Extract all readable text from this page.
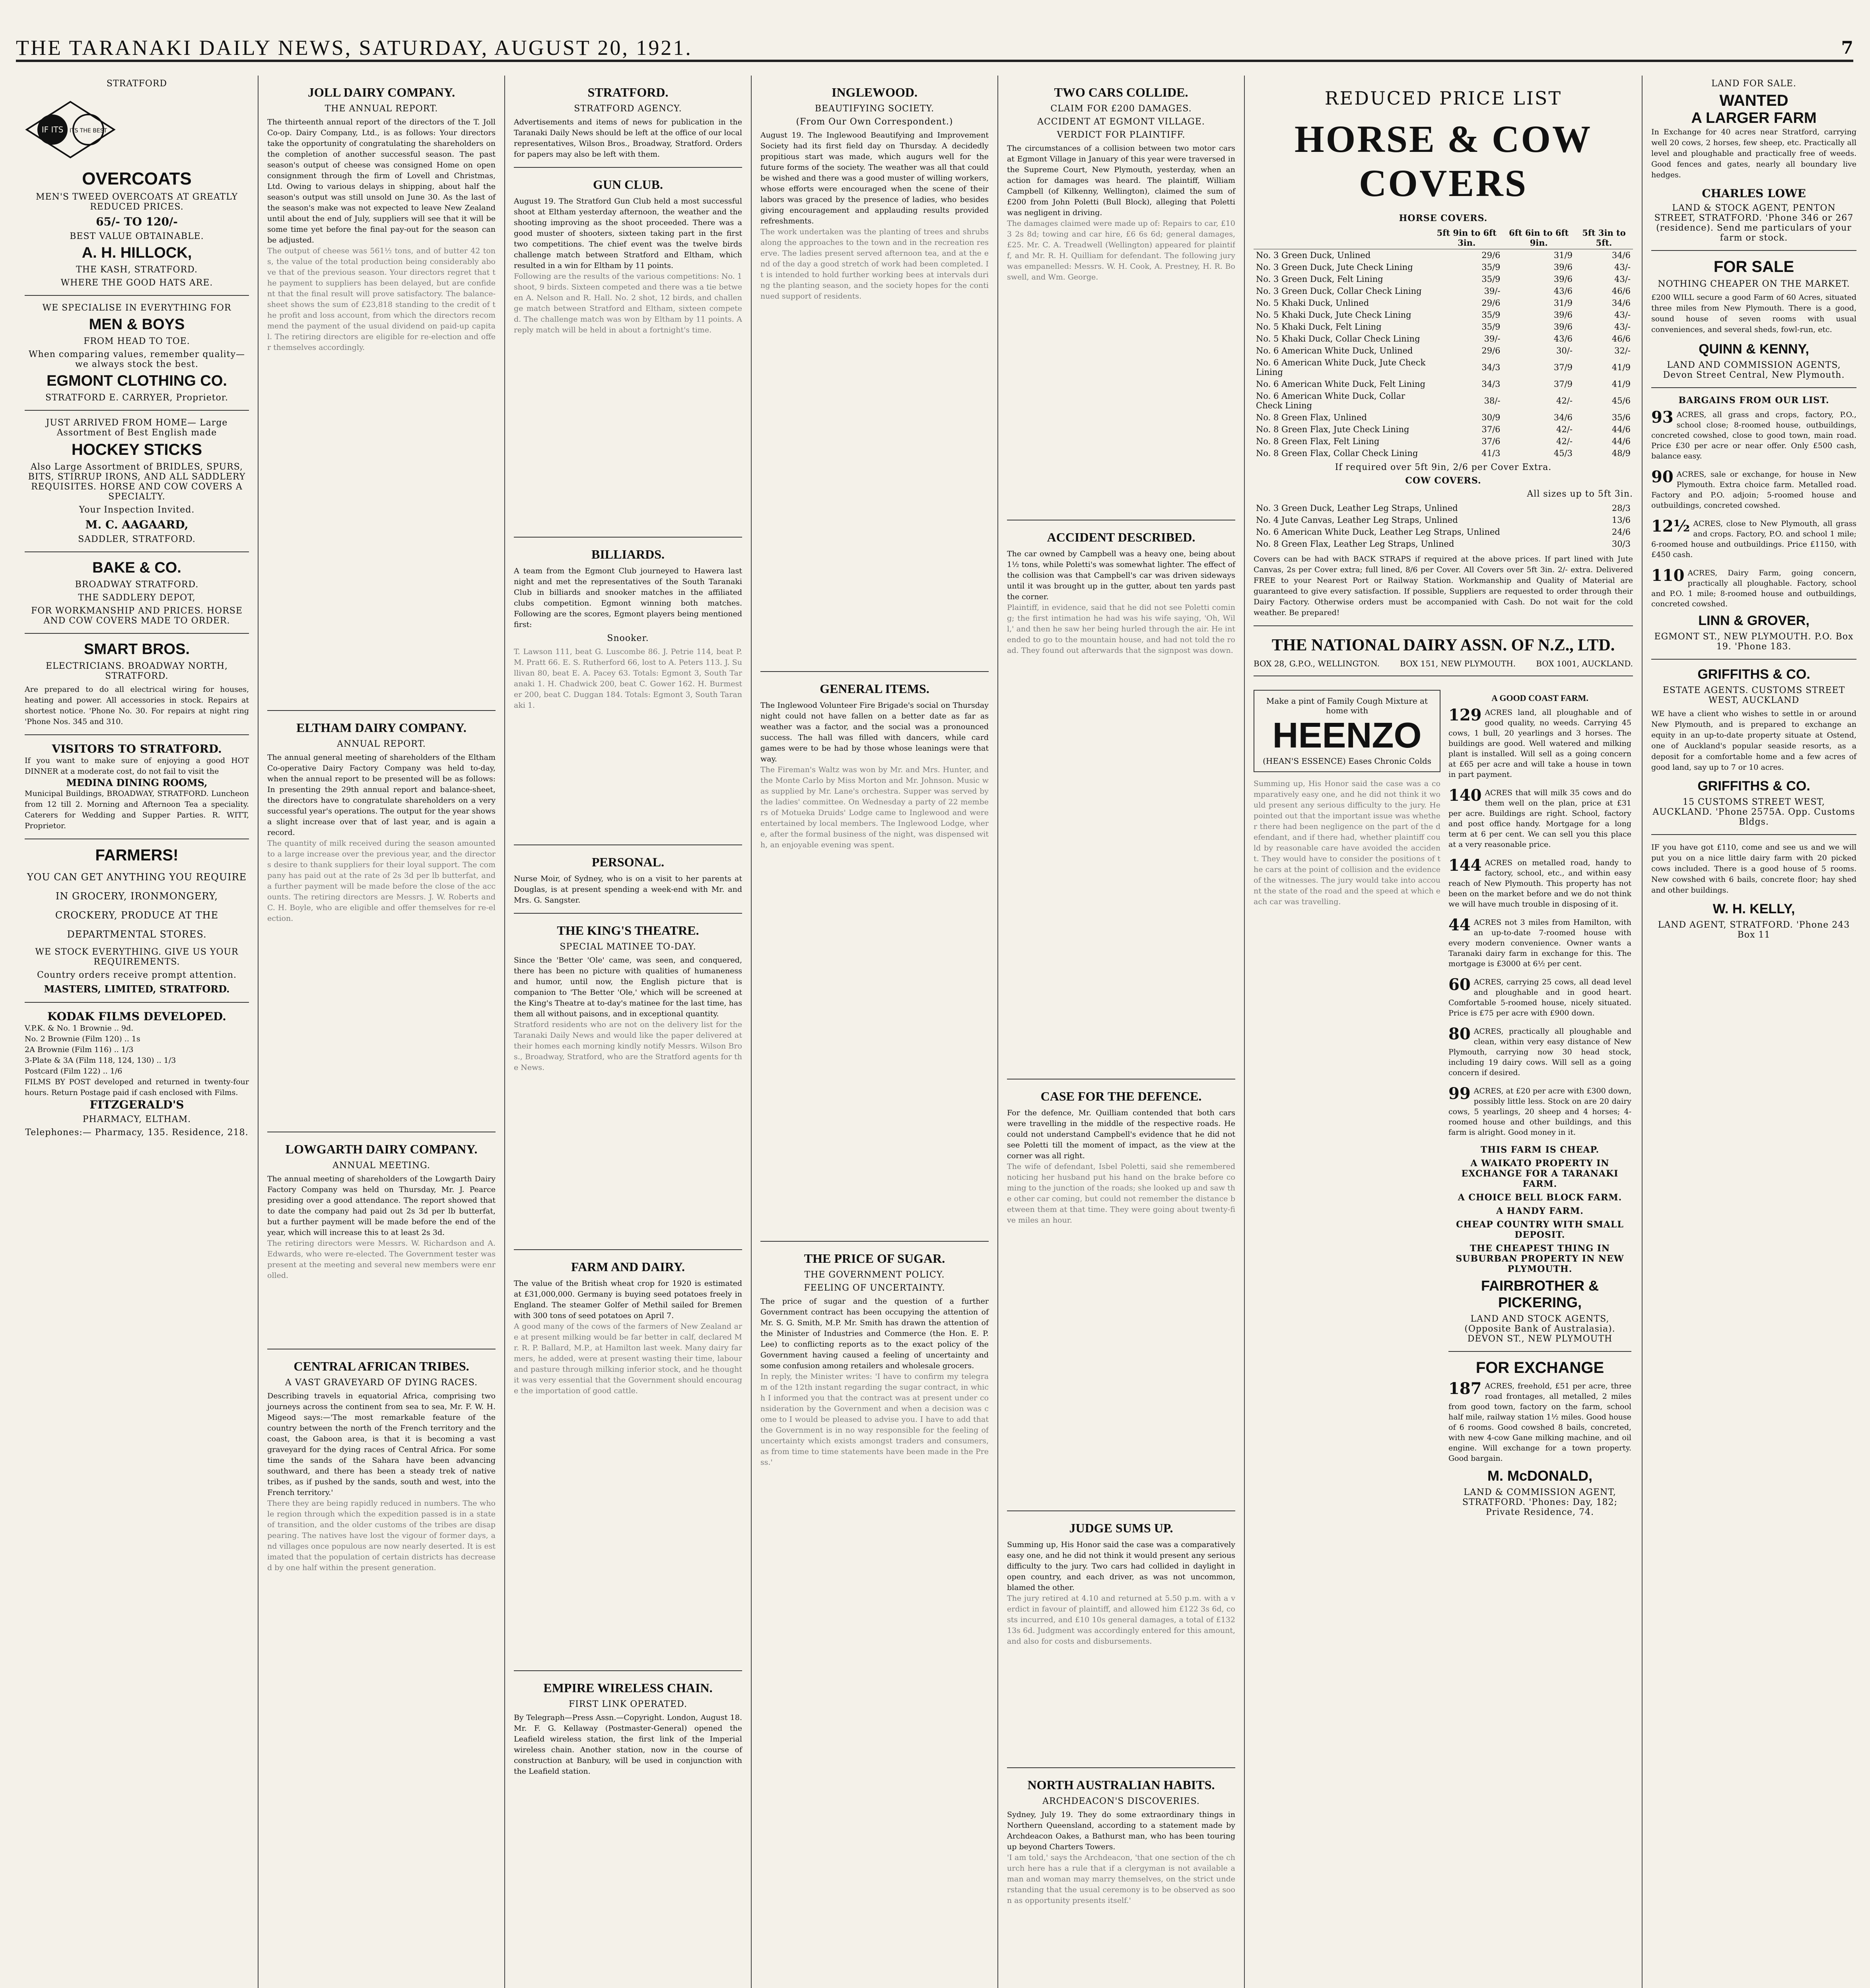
THE TARANAKI DAILY NEWS, SATURDAY, AUGUST 20, 1921.	7
STRATFORD
IF ITS ITS THE BEST
OVERCOATS
MEN'S TWEED OVERCOATS AT GREATLY REDUCED PRICES.
65/- TO 120/-
BEST VALUE OBTAINABLE.
A. H. HILLOCK,
THE KASH, STRATFORD.
WHERE THE GOOD HATS ARE.
WE SPECIALISE IN EVERYTHING FOR
MEN & BOYS
FROM HEAD TO TOE.
When comparing values, remember quality—we always stock the best.
EGMONT CLOTHING CO.
STRATFORD E. CARRYER, Proprietor.
JUST ARRIVED FROM HOME— Large Assortment of Best English made
HOCKEY STICKS
Also Large Assortment of BRIDLES, SPURS, BITS, STIRRUP IRONS, AND ALL SADDLERY REQUISITES. HORSE AND COW COVERS A SPECIALTY.
Your Inspection Invited.
M. C. AAGAARD,
SADDLER, STRATFORD.
BAKE & CO.
BROADWAY STRATFORD.
THE SADDLERY DEPOT,
FOR WORKMANSHIP AND PRICES. HORSE AND COW COVERS MADE TO ORDER.
SMART BROS.
ELECTRICIANS. BROADWAY NORTH, STRATFORD.
Are prepared to do all electrical wiring for houses, heating and power. All accessories in stock. Repairs at shortest notice. 'Phone No. 30. For repairs at night ring 'Phone Nos. 345 and 310.
VISITORS TO STRATFORD.
If you want to make sure of enjoying a good HOT DINNER at a moderate cost, do not fail to visit the
MEDINA DINING ROOMS,
Municipal Buildings, BROADWAY, STRATFORD. Luncheon from 12 till 2. Morning and Afternoon Tea a speciality. Caterers for Wedding and Supper Parties. R. WITT, Proprietor.
FARMERS!
YOU CAN GET ANYTHING YOU REQUIRE IN GROCERY, IRONMONGERY, CROCKERY, PRODUCE AT THE DEPARTMENTAL STORES.
WE STOCK EVERYTHING. GIVE US YOUR REQUIREMENTS.
Country orders receive prompt attention.
MASTERS, LIMITED, STRATFORD.
KODAK FILMS DEVELOPED.
V.P.K. & No. 1 Brownie .. 9d.
No. 2 Brownie (Film 120) .. 1s
2A Brownie (Film 116) .. 1/3
3-Plate & 3A (Film 118, 124, 130) .. 1/3
Postcard (Film 122) .. 1/6
FILMS BY POST developed and returned in twenty-four hours. Return Postage paid if cash enclosed with Films.
FITZGERALD'S
PHARMACY, ELTHAM.
Telephones:— Pharmacy, 135. Residence, 218.
JOLL DAIRY COMPANY.
THE ANNUAL REPORT.
The thirteenth annual report of the directors of the T. Joll Co-op. Dairy Company, Ltd., is as follows: Your directors take the opportunity of congratulating the shareholders on the completion of another successful season. The past season's output of cheese was consigned Home on open consignment through the firm of Lovell and Christmas, Ltd. Owing to various delays in shipping, about half the season's output was still unsold on June 30. As the last of the season's make was not expected to leave New Zealand until about the end of July, suppliers will see that it will be some time yet before the final pay-out for the season can be adjusted.
The output of cheese was 561½ tons, and of butter 42 tons, the value of the total production being considerably above that of the previous season. Your directors regret that the payment to suppliers has been delayed, but are confident that the final result will prove satisfactory. The balance-sheet shows the sum of £23,818 standing to the credit of the profit and loss account, from which the directors recommend the payment of the usual dividend on paid-up capital. The retiring directors are eligible for re-election and offer themselves accordingly.
ELTHAM DAIRY COMPANY.
ANNUAL REPORT.
The annual general meeting of shareholders of the Eltham Co-operative Dairy Factory Company was held to-day, when the annual report to be presented will be as follows: In presenting the 29th annual report and balance-sheet, the directors have to congratulate shareholders on a very successful year's operations. The output for the year shows a slight increase over that of last year, and is again a record.
The quantity of milk received during the season amounted to a large increase over the previous year, and the directors desire to thank suppliers for their loyal support. The company has paid out at the rate of 2s 3d per lb butterfat, and a further payment will be made before the close of the accounts. The retiring directors are Messrs. J. W. Roberts and C. H. Boyle, who are eligible and offer themselves for re-election.
LOWGARTH DAIRY COMPANY.
ANNUAL MEETING.
The annual meeting of shareholders of the Lowgarth Dairy Factory Company was held on Thursday, Mr. J. Pearce presiding over a good attendance. The report showed that to date the company had paid out 2s 3d per lb butterfat, but a further payment will be made before the end of the year, which will increase this to at least 2s 3d.
The retiring directors were Messrs. W. Richardson and A. Edwards, who were re-elected. The Government tester was present at the meeting and several new members were enrolled.
CENTRAL AFRICAN TRIBES.
A VAST GRAVEYARD OF DYING RACES.
Describing travels in equatorial Africa, comprising two journeys across the continent from sea to sea, Mr. F. W. H. Migeod says:—'The most remarkable feature of the country between the north of the French territory and the coast, the Gaboon area, is that it is becoming a vast graveyard for the dying races of Central Africa. For some time the sands of the Sahara have been advancing southward, and there has been a steady trek of native tribes, as if pushed by the sands, south and west, into the French territory.'
There they are being rapidly reduced in numbers. The whole region through which the expedition passed is in a state of transition, and the older customs of the tribes are disappearing. The natives have lost the vigour of former days, and villages once populous are now nearly deserted. It is estimated that the population of certain districts has decreased by one half within the present generation.
STRATFORD.
STRATFORD AGENCY.
Advertisements and items of news for publication in the Taranaki Daily News should be left at the office of our local representatives, Wilson Bros., Broadway, Stratford. Orders for papers may also be left with them.
GUN CLUB.
August 19. The Stratford Gun Club held a most successful shoot at Eltham yesterday afternoon, the weather and the shooting improving as the shoot proceeded. There was a good muster of shooters, sixteen taking part in the first two competitions. The chief event was the twelve birds challenge match between Stratford and Eltham, which resulted in a win for Eltham by 11 points.
Following are the results of the various competitions: No. 1 shoot, 9 birds. Sixteen competed and there was a tie between A. Nelson and R. Hall. No. 2 shot, 12 birds, and challenge match between Stratford and Eltham, sixteen competed. The challenge match was won by Eltham by 11 points. A reply match will be held in about a fortnight's time.
BILLIARDS.
A team from the Egmont Club journeyed to Hawera last night and met the representatives of the South Taranaki Club in billiards and snooker matches in the affiliated clubs competition. Egmont winning both matches. Following are the scores, Egmont players being mentioned first:
Snooker.
T. Lawson 111, beat G. Luscombe 86. J. Petrie 114, beat P. M. Pratt 66. E. S. Rutherford 66, lost to A. Peters 113. J. Sullivan 80, beat E. A. Pacey 63. Totals: Egmont 3, South Taranaki 1. H. Chadwick 200, beat C. Gower 162. H. Burmester 200, beat C. Duggan 184. Totals: Egmont 3, South Taranaki 1.
PERSONAL.
Nurse Moir, of Sydney, who is on a visit to her parents at Douglas, is at present spending a week-end with Mr. and Mrs. G. Sangster.
THE KING'S THEATRE.
SPECIAL MATINEE TO-DAY.
Since the 'Better 'Ole' came, was seen, and conquered, there has been no picture with qualities of humaneness and humor, until now, the English picture that is companion to 'The Better 'Ole,' which will be screened at the King's Theatre at to-day's matinee for the last time, has them all without paisons, and in exceptional quantity.
Stratford residents who are not on the delivery list for the Taranaki Daily News and would like the paper delivered at their homes each morning kindly notify Messrs. Wilson Bros., Broadway, Stratford, who are the Stratford agents for the News.
FARM AND DAIRY.
The value of the British wheat crop for 1920 is estimated at £31,000,000. Germany is buying seed potatoes freely in England. The steamer Golfer of Methil sailed for Bremen with 300 tons of seed potatoes on April 7.
A good many of the cows of the farmers of New Zealand are at present milking would be far better in calf, declared Mr. R. P. Ballard, M.P., at Hamilton last week. Many dairy farmers, he added, were at present wasting their time, labour and pasture through milking inferior stock, and he thought it was very essential that the Government should encourage the importation of good cattle.
EMPIRE WIRELESS CHAIN.
FIRST LINK OPERATED.
By Telegraph—Press Assn.—Copyright. London, August 18. Mr. F. G. Kellaway (Postmaster-General) opened the Leafield wireless station, the first link of the Imperial wireless chain. Another station, now in the course of construction at Banbury, will be used in conjunction with the Leafield station.
INGLEWOOD.
BEAUTIFYING SOCIETY.
(From Our Own Correspondent.)
August 19. The Inglewood Beautifying and Improvement Society had its first field day on Thursday. A decidedly propitious start was made, which augurs well for the future forms of the society. The weather was all that could be wished and there was a good muster of willing workers, whose efforts were encouraged when the scene of their labors was graced by the presence of ladies, who besides giving encouragement and applauding results provided refreshments.
The work undertaken was the planting of trees and shrubs along the approaches to the town and in the recreation reserve. The ladies present served afternoon tea, and at the end of the day a good stretch of work had been completed. It is intended to hold further working bees at intervals during the planting season, and the society hopes for the continued support of residents.
GENERAL ITEMS.
The Inglewood Volunteer Fire Brigade's social on Thursday night could not have fallen on a better date as far as weather was a factor, and the social was a pronounced success. The hall was filled with dancers, while card games were to be had by those whose leanings were that way.
The Fireman's Waltz was won by Mr. and Mrs. Hunter, and the Monte Carlo by Miss Morton and Mr. Johnson. Music was supplied by Mr. Lane's orchestra. Supper was served by the ladies' committee. On Wednesday a party of 22 members of Motueka Druids' Lodge came to Inglewood and were entertained by local members. The Inglewood Lodge, where, after the formal business of the night, was dispensed with, an enjoyable evening was spent.
THE PRICE OF SUGAR.
THE GOVERNMENT POLICY.
FEELING OF UNCERTAINTY.
The price of sugar and the question of a further Government contract has been occupying the attention of Mr. S. G. Smith, M.P. Mr. Smith has drawn the attention of the Minister of Industries and Commerce (the Hon. E. P. Lee) to conflicting reports as to the exact policy of the Government having caused a feeling of uncertainty and some confusion among retailers and wholesale grocers.
In reply, the Minister writes: 'I have to confirm my telegram of the 12th instant regarding the sugar contract, in which I informed you that the contract was at present under consideration by the Government and when a decision was come to I would be pleased to advise you. I have to add that the Government is in no way responsible for the feeling of uncertainty which exists amongst traders and consumers, as from time to time statements have been made in the Press.'
TWO CARS COLLIDE.
CLAIM FOR £200 DAMAGES.
ACCIDENT AT EGMONT VILLAGE.
VERDICT FOR PLAINTIFF.
The circumstances of a collision between two motor cars at Egmont Village in January of this year were traversed in the Supreme Court, New Plymouth, yesterday, when an action for damages was heard. The plaintiff, William Campbell (of Kilkenny, Wellington), claimed the sum of £200 from John Poletti (Bull Block), alleging that Poletti was negligent in driving.
The damages claimed were made up of: Repairs to car, £103 2s 8d; towing and car hire, £6 6s 6d; general damages, £25. Mr. C. A. Treadwell (Wellington) appeared for plaintiff, and Mr. R. H. Quilliam for defendant. The following jury was empanelled: Messrs. W. H. Cook, A. Prestney, H. R. Boswell, and Wm. George.
ACCIDENT DESCRIBED.
The car owned by Campbell was a heavy one, being about 1½ tons, while Poletti's was somewhat lighter. The effect of the collision was that Campbell's car was driven sideways until it was brought up in the gutter, about ten yards past the corner.
Plaintiff, in evidence, said that he did not see Poletti coming; the first intimation he had was his wife saying, 'Oh, Will,' and then he saw her being hurled through the air. He intended to go to the mountain house, and had not told the road. They found out afterwards that the signpost was down.
CASE FOR THE DEFENCE.
For the defence, Mr. Quilliam contended that both cars were travelling in the middle of the respective roads. He could not understand Campbell's evidence that he did not see Poletti till the moment of impact, as the view at the corner was all right.
The wife of defendant, Isbel Poletti, said she remembered noticing her husband put his hand on the brake before coming to the junction of the roads; she looked up and saw the other car coming, but could not remember the distance between them at that time. They were going about twenty-five miles an hour.
JUDGE SUMS UP.
Summing up, His Honor said the case was a comparatively easy one, and he did not think it would present any serious difficulty to the jury. Two cars had collided in daylight in open country, and each driver, as was not uncommon, blamed the other.
The jury retired at 4.10 and returned at 5.50 p.m. with a verdict in favour of plaintiff, and allowed him £122 3s 6d, costs incurred, and £10 10s general damages, a total of £132 13s 6d. Judgment was accordingly entered for this amount, and also for costs and disbursements.
NORTH AUSTRALIAN HABITS.
ARCHDEACON'S DISCOVERIES.
Sydney, July 19. They do some extraordinary things in Northern Queensland, according to a statement made by Archdeacon Oakes, a Bathurst man, who has been touring up beyond Charters Towers.
'I am told,' says the Archdeacon, 'that one section of the church here has a rule that if a clergyman is not available a man and woman may marry themselves, on the strict understanding that the usual ceremony is to be observed as soon as opportunity presents itself.'
REDUCED PRICE LIST
HORSE & COW COVERS
HORSE COVERS.
	5ft 9in to 6ft 3in.	6ft 6in to 6ft 9in.	5ft 3in to 5ft.
No. 3 Green Duck, Unlined	29/6	31/9	34/6
No. 3 Green Duck, Jute Check Lining	35/9	39/6	43/-
No. 3 Green Duck, Felt Lining	35/9	39/6	43/-
No. 3 Green Duck, Collar Check Lining	39/-	43/6	46/6
No. 5 Khaki Duck, Unlined	29/6	31/9	34/6
No. 5 Khaki Duck, Jute Check Lining	35/9	39/6	43/-
No. 5 Khaki Duck, Felt Lining	35/9	39/6	43/-
No. 5 Khaki Duck, Collar Check Lining	39/-	43/6	46/6
No. 6 American White Duck, Unlined	29/6	30/-	32/-
No. 6 American White Duck, Jute Check Lining	34/3	37/9	41/9
No. 6 American White Duck, Felt Lining	34/3	37/9	41/9
No. 6 American White Duck, Collar Check Lining	38/-	42/-	45/6
No. 8 Green Flax, Unlined	30/9	34/6	35/6
No. 8 Green Flax, Jute Check Lining	37/6	42/-	44/6
No. 8 Green Flax, Felt Lining	37/6	42/-	44/6
No. 8 Green Flax, Collar Check Lining	41/3	45/3	48/9
If required over 5ft 9in, 2/6 per Cover Extra.
COW COVERS.
All sizes up to 5ft 3in.
No. 3 Green Duck, Leather Leg Straps, Unlined	28/3
No. 4 Jute Canvas, Leather Leg Straps, Unlined	13/6
No. 6 American White Duck, Leather Leg Straps, Unlined	24/6
No. 8 Green Flax, Leather Leg Straps, Unlined	30/3
Covers can be had with BACK STRAPS if required at the above prices. If part lined with Jute Canvas, 2s per Cover extra; full lined, 8/6 per Cover. All Covers over 5ft 3in. 2/- extra. Delivered FREE to your Nearest Port or Railway Station. Workmanship and Quality of Material are guaranteed to give every satisfaction. If possible, Suppliers are requested to order through their Dairy Factory. Otherwise orders must be accompanied with Cash. Do not wait for the cold weather. Be prepared!
THE NATIONAL DAIRY ASSN. OF N.Z., LTD.
BOX 28, G.P.O., WELLINGTON.	BOX 151, NEW PLYMOUTH.	BOX 1001, AUCKLAND.
Make a pint of Family Cough Mixture at home with
HEENZO
(HEAN'S ESSENCE) Eases Chronic Colds
Summing up, His Honor said the case was a comparatively easy one, and he did not think it would present any serious difficulty to the jury. He pointed out that the important issue was whether there had been negligence on the part of the defendant, and if there had, whether plaintiff could by reasonable care have avoided the accident. They would have to consider the positions of the cars at the point of collision and the evidence of the witnesses. The jury would take into account the state of the road and the speed at which each car was travelling.
A GOOD COAST FARM.
129 ACRES land, all ploughable and of good quality, no weeds. Carrying 45 cows, 1 bull, 20 yearlings and 3 horses. The buildings are good. Well watered and milking plant is installed. Will sell as a going concern at £65 per acre and will take a house in town in part payment.
140 ACRES that will milk 35 cows and do them well on the plan, price at £31 per acre. Buildings are right. School, factory and post office handy. Mortgage for a long term at 6 per cent. We can sell you this place at a very reasonable price.
144 ACRES on metalled road, handy to factory, school, etc., and within easy reach of New Plymouth. This property has not been on the market before and we do not think we will have much trouble in disposing of it.
44 ACRES not 3 miles from Hamilton, with an up-to-date 7-roomed house with every modern convenience. Owner wants a Taranaki dairy farm in exchange for this. The mortgage is £3000 at 6½ per cent.
60 ACRES, carrying 25 cows, all dead level and ploughable and in good heart. Comfortable 5-roomed house, nicely situated. Price is £75 per acre with £900 down.
80 ACRES, practically all ploughable and clean, within very easy distance of New Plymouth, carrying now 30 head stock, including 19 dairy cows. Will sell as a going concern if desired.
99 ACRES, at £20 per acre with £300 down, possibly little less. Stock on are 20 dairy cows, 5 yearlings, 20 sheep and 4 horses; 4-roomed house and other buildings, and this farm is alright. Good money in it.
THIS FARM IS CHEAP.
A WAIKATO PROPERTY IN EXCHANGE FOR A TARANAKI FARM.
A CHOICE BELL BLOCK FARM.
A HANDY FARM.
CHEAP COUNTRY WITH SMALL DEPOSIT.
THE CHEAPEST THING IN SUBURBAN PROPERTY IN NEW PLYMOUTH.
FAIRBROTHER & PICKERING,
LAND AND STOCK AGENTS, (Opposite Bank of Australasia). DEVON ST., NEW PLYMOUTH
FOR EXCHANGE
187 ACRES, freehold, £51 per acre, three road frontages, all metalled, 2 miles from good town, factory on the farm, school half mile, railway station 1½ miles. Good house of 6 rooms. Good cowshed 8 bails, concreted, with new 4-cow Gane milking machine, and oil engine. Will exchange for a town property. Good bargain.
M. McDONALD,
LAND & COMMISSION AGENT, STRATFORD. 'Phones: Day, 182; Private Residence, 74.
LAND FOR SALE.
WANTED
A LARGER FARM
In Exchange for 40 acres near Stratford, carrying well 20 cows, 2 horses, few sheep, etc. Practically all level and ploughable and practically free of weeds. Good fences and gates, nearly all boundary live hedges.
CHARLES LOWE
LAND & STOCK AGENT, PENTON STREET, STRATFORD. 'Phone 346 or 267 (residence). Send me particulars of your farm or stock.
FOR SALE
NOTHING CHEAPER ON THE MARKET.
£200 WILL secure a good Farm of 60 Acres, situated three miles from New Plymouth. There is a good, sound house of seven rooms with usual conveniences, and several sheds, fowl-run, etc.
QUINN & KENNY,
LAND AND COMMISSION AGENTS, Devon Street Central, New Plymouth.
BARGAINS FROM OUR LIST.
93 ACRES, all grass and crops, factory, P.O., school close; 8-roomed house, outbuildings, concreted cowshed, close to good town, main road. Price £30 per acre or near offer. Only £500 cash, balance easy.
90 ACRES, sale or exchange, for house in New Plymouth. Extra choice farm. Metalled road. Factory and P.O. adjoin; 5-roomed house and outbuildings, concreted cowshed.
12½ ACRES, close to New Plymouth, all grass and crops. Factory, P.O. and school 1 mile; 6-roomed house and outbuildings. Price £1150, with £450 cash.
110 ACRES, Dairy Farm, going concern, practically all ploughable. Factory, school and P.O. 1 mile; 8-roomed house and outbuildings, concreted cowshed.
LINN & GROVER,
EGMONT ST., NEW PLYMOUTH. P.O. Box 19. 'Phone 183.
GRIFFITHS & CO.
ESTATE AGENTS. CUSTOMS STREET WEST, AUCKLAND
WE have a client who wishes to settle in or around New Plymouth, and is prepared to exchange an equity in an up-to-date property situate at Ostend, one of Auckland's popular seaside resorts, as a deposit for a comfortable home and a few acres of good land, say up to 7 or 10 acres.
GRIFFITHS & CO.
15 CUSTOMS STREET WEST, AUCKLAND. 'Phone 2575A. Opp. Customs Bldgs.
IF you have got £110, come and see us and we will put you on a nice little dairy farm with 20 picked cows included. There is a good house of 5 rooms. New cowshed with 6 bails, concrete floor; hay shed and other buildings.
W. H. KELLY,
LAND AGENT, STRATFORD. 'Phone 243 Box 11
